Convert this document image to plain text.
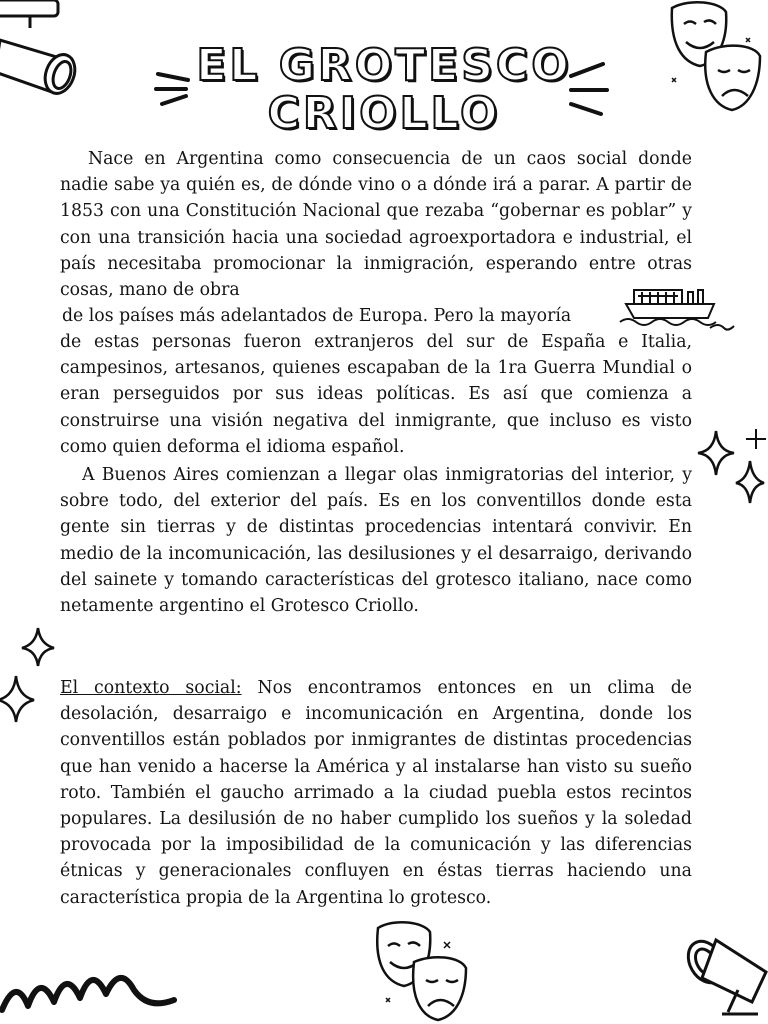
EL GROTESCO
CRIOLLO

Nace en Argentina como consecuencia de un caos social donde nadie sabe ya quién es, de dónde vino o a dónde irá a parar. A partir de 1853 con una Constitución Nacional que rezaba “gobernar es poblar” y con una transición hacia una sociedad agroexportadora e industrial, el país necesitaba promocionar la inmigración, esperando entre otras cosas, mano de obra

de los países más adelantados de Europa. Pero la mayoría

de estas personas fueron extranjeros del sur de España e Italia, campesinos, artesanos, quienes escapaban de la 1ra Guerra Mundial o eran perseguidos por sus ideas políticas. Es así que comienza a construirse una visión negativa del inmigrante, que incluso es visto como quien deforma el idioma español.

A Buenos Aires comienzan a llegar olas inmigratorias del interior, y sobre todo, del exterior del país. Es en los conventillos donde esta gente sin tierras y de distintas procedencias intentará convivir. En medio de la incomunicación, las desilusiones y el desarraigo, derivando del sainete y tomando características del grotesco italiano, nace como netamente argentino el Grotesco Criollo.

El contexto social: Nos encontramos entonces en un clima de desolación, desarraigo e incomunicación en Argentina, donde los conventillos están poblados por inmigrantes de distintas procedencias que han venido a hacerse la América y al instalarse han visto su sueño roto. También el gaucho arrimado a la ciudad puebla estos recintos populares. La desilusión de no haber cumplido los sueños y la soledad provocada por la imposibilidad de la comunicación y las diferencias étnicas y generacionales confluyen en éstas tierras haciendo una característica propia de la Argentina lo grotesco.
